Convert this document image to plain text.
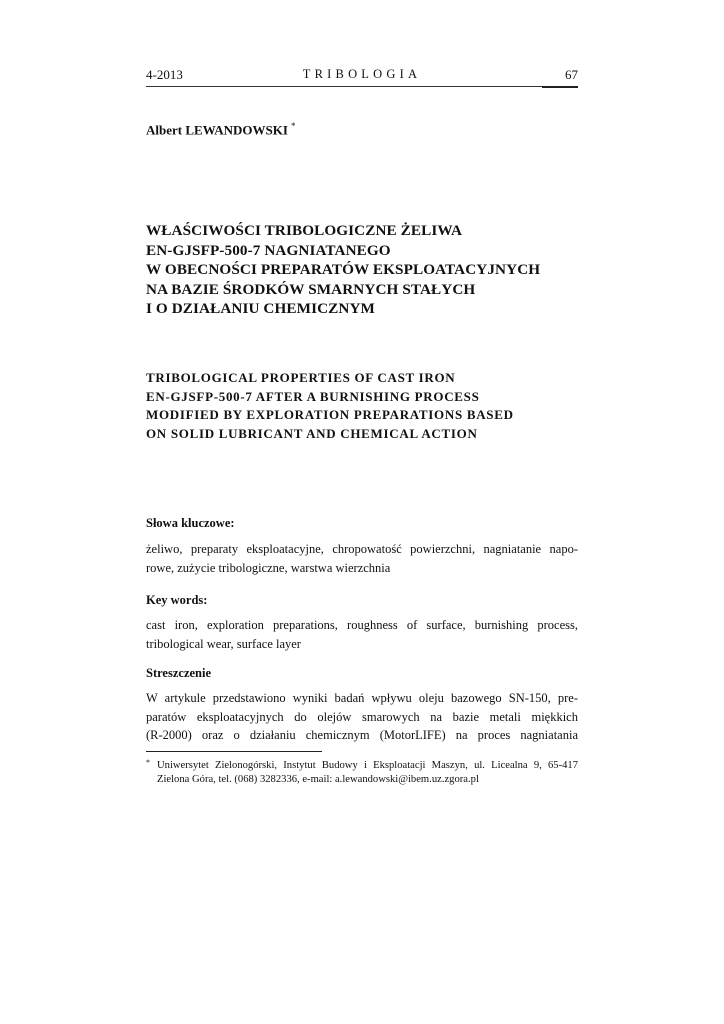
4-2013	TRIBOLOGIA	67
Albert LEWANDOWSKI *
WŁAŚCIWOŚCI TRIBOLOGICZNE ŻELIWA
EN-GJSFP-500-7 NAGNIATANEGO
W OBECNOŚCI PREPARATÓW EKSPLOATACYJNYCH
NA BAZIE ŚRODKÓW SMARNYCH STAŁYCH
I O DZIAŁANIU CHEMICZNYM
TRIBOLOGICAL PROPERTIES OF CAST IRON
EN-GJSFP-500-7 AFTER A BURNISHING PROCESS
MODIFIED BY EXPLORATION PREPARATIONS BASED
ON SOLID LUBRICANT AND CHEMICAL ACTION
Słowa kluczowe:
żeliwo, preparaty eksploatacyjne, chropowatość powierzchni, nagniatanie napo-
rowe, zużycie tribologiczne, warstwa wierzchnia
Key words:
cast iron, exploration preparations, roughness of surface, burnishing process,
tribological wear, surface layer
Streszczenie
W artykule przedstawiono wyniki badań wpływu oleju bazowego SN-150, pre-
paratów eksploatacyjnych do olejów smarowych na bazie metali miękkich
(R-2000) oraz o działaniu chemicznym (MotorLIFE) na proces nagniatania
* Uniwersytet Zielonogórski, Instytut Budowy i Eksploatacji Maszyn, ul. Licealna 9, 65-417
Zielona Góra, tel. (068) 3282336, e-mail: a.lewandowski@ibem.uz.zgora.pl
